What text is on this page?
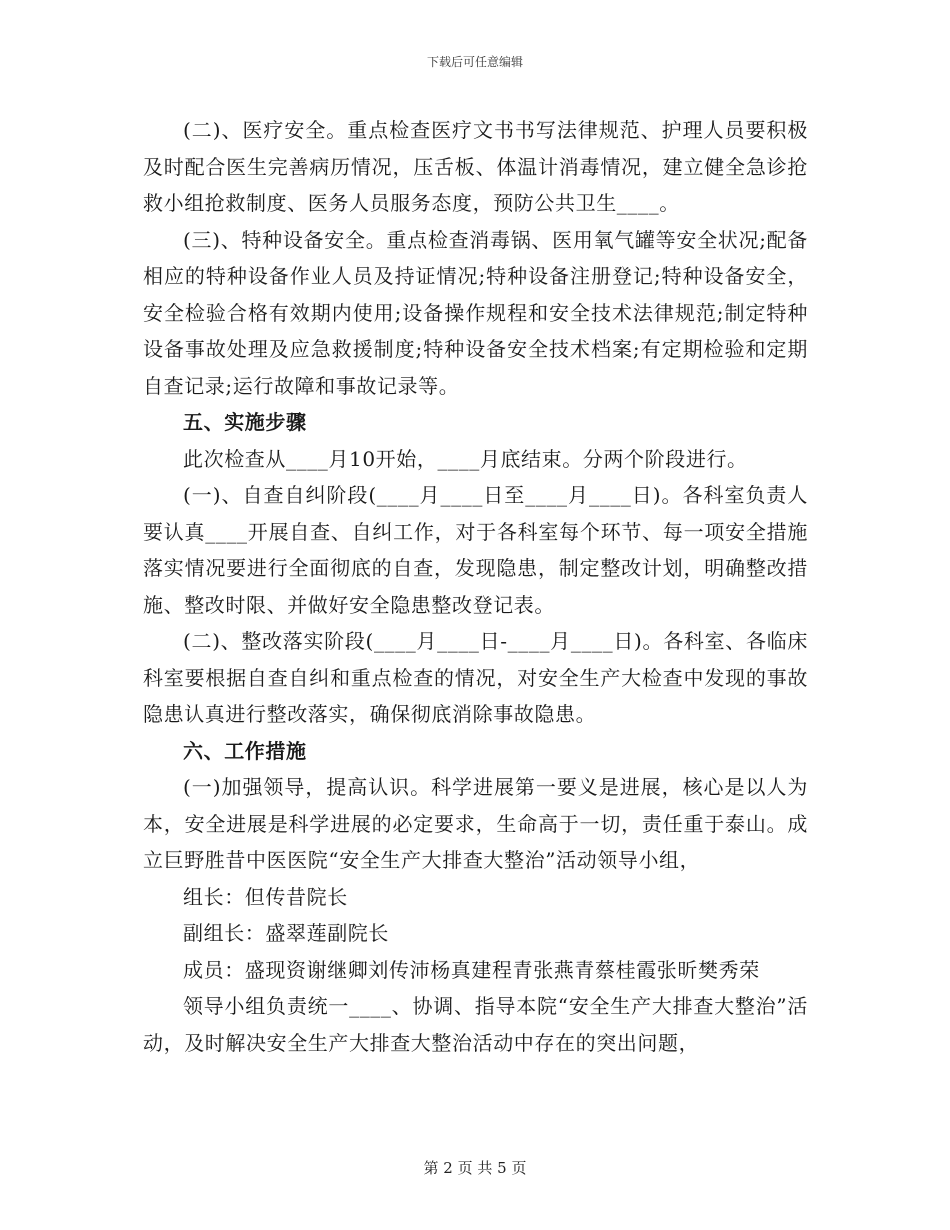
下载后可任意编辑

(二)、医疗安全。重点检查医疗文书书写法律规范、护理人员要积极及时配合医生完善病历情况，压舌板、体温计消毒情况，建立健全急诊抢救小组抢救制度、医务人员服务态度，预防公共卫生____。

(三)、特种设备安全。重点检查消毒锅、医用氧气罐等安全状况;配备相应的特种设备作业人员及持证情况;特种设备注册登记;特种设备安全，安全检验合格有效期内使用;设备操作规程和安全技术法律规范;制定特种设备事故处理及应急救援制度;特种设备安全技术档案;有定期检验和定期自查记录;运行故障和事故记录等。

五、实施步骤

此次检查从____月10开始，____月底结束。分两个阶段进行。

(一)、自查自纠阶段(____月____日至____月____日)。各科室负责人要认真____开展自查、自纠工作，对于各科室每个环节、每一项安全措施落实情况要进行全面彻底的自查，发现隐患，制定整改计划，明确整改措施、整改时限、并做好安全隐患整改登记表。

(二)、整改落实阶段(____月____日-____月____日)。各科室、各临床科室要根据自查自纠和重点检查的情况，对安全生产大检查中发现的事故隐患认真进行整改落实，确保彻底消除事故隐患。

六、工作措施

(一)加强领导，提高认识。科学进展第一要义是进展，核心是以人为本，安全进展是科学进展的必定要求，生命高于一切，责任重于泰山。成立巨野胜昔中医医院“安全生产大排查大整治”活动领导小组，

组长：但传昔院长

副组长：盛翠莲副院长

成员：盛现资谢继卿刘传沛杨真建程青张燕青蔡桂霞张昕樊秀荣

领导小组负责统一____、协调、指导本院“安全生产大排查大整治”活动，及时解决安全生产大排查大整治活动中存在的突出问题，

第 2 页 共 5 页
